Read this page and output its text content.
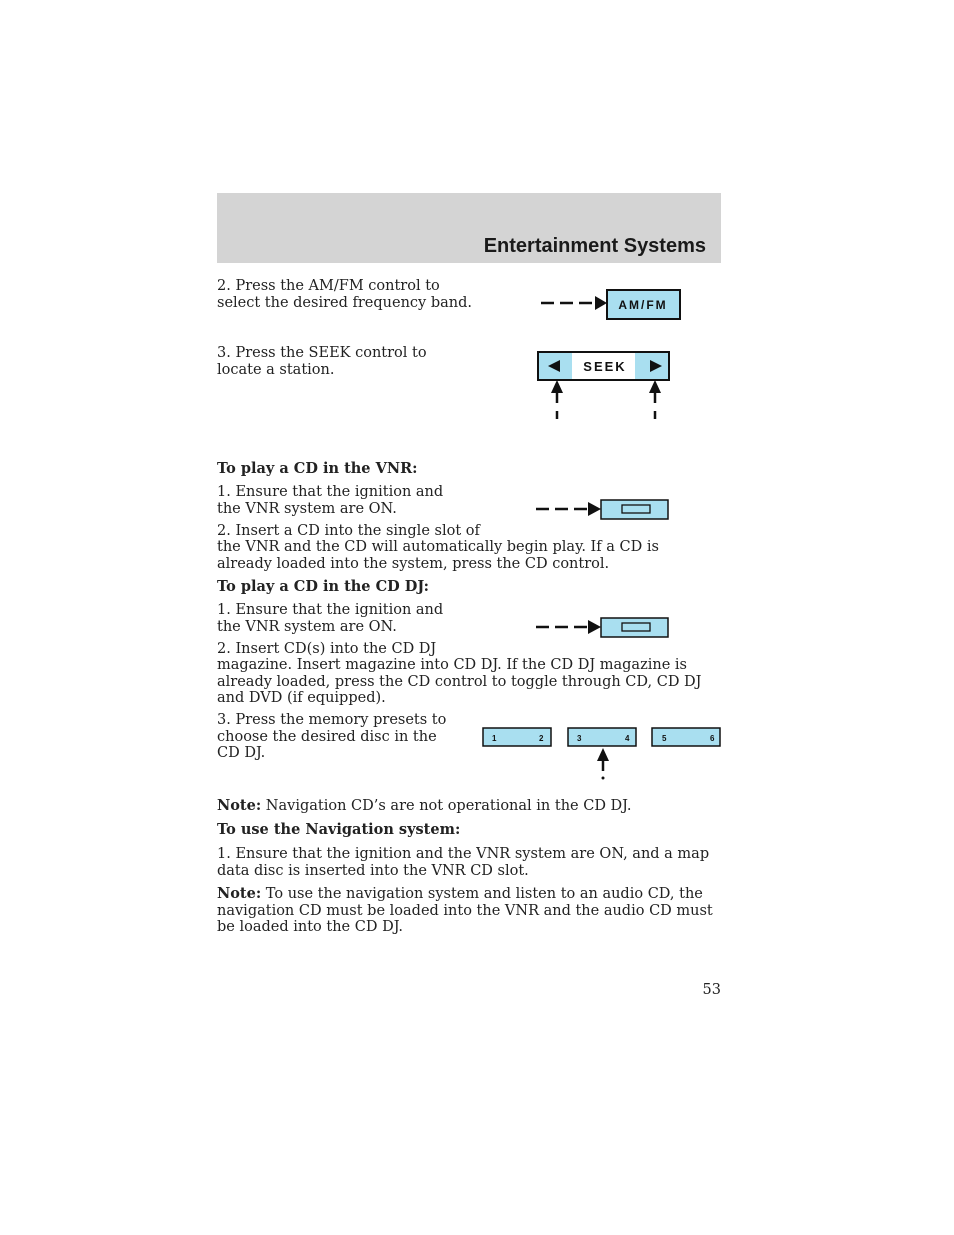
Entertainment Systems

2. Press the AM/FM control to select the desired frequency band.	AM/FM

3. Press the SEEK control to locate a station.	SEEK

To play a CD in the VNR:

1. Ensure that the ignition and the VNR system are ON.

2. Insert a CD into the single slot of

the VNR and the CD will automatically begin play. If a CD is already loaded into the system, press the CD control.

To play a CD in the CD DJ:

1. Ensure that the ignition and the VNR system are ON.

2. Insert CD(s) into the CD DJ

magazine. Insert magazine into CD DJ. If the CD DJ magazine is already loaded, press the CD control to toggle through CD, CD DJ and DVD (if equipped).

3. Press the memory presets to choose the desired disc in the CD DJ.

1	2	3	4	5	6

Note: Navigation CD’s are not operational in the CD DJ.

To use the Navigation system:

1. Ensure that the ignition and the VNR system are ON, and a map data disc is inserted into the VNR CD slot.

Note: To use the navigation system and listen to an audio CD, the navigation CD must be loaded into the VNR and the audio CD must be loaded into the CD DJ.

53
